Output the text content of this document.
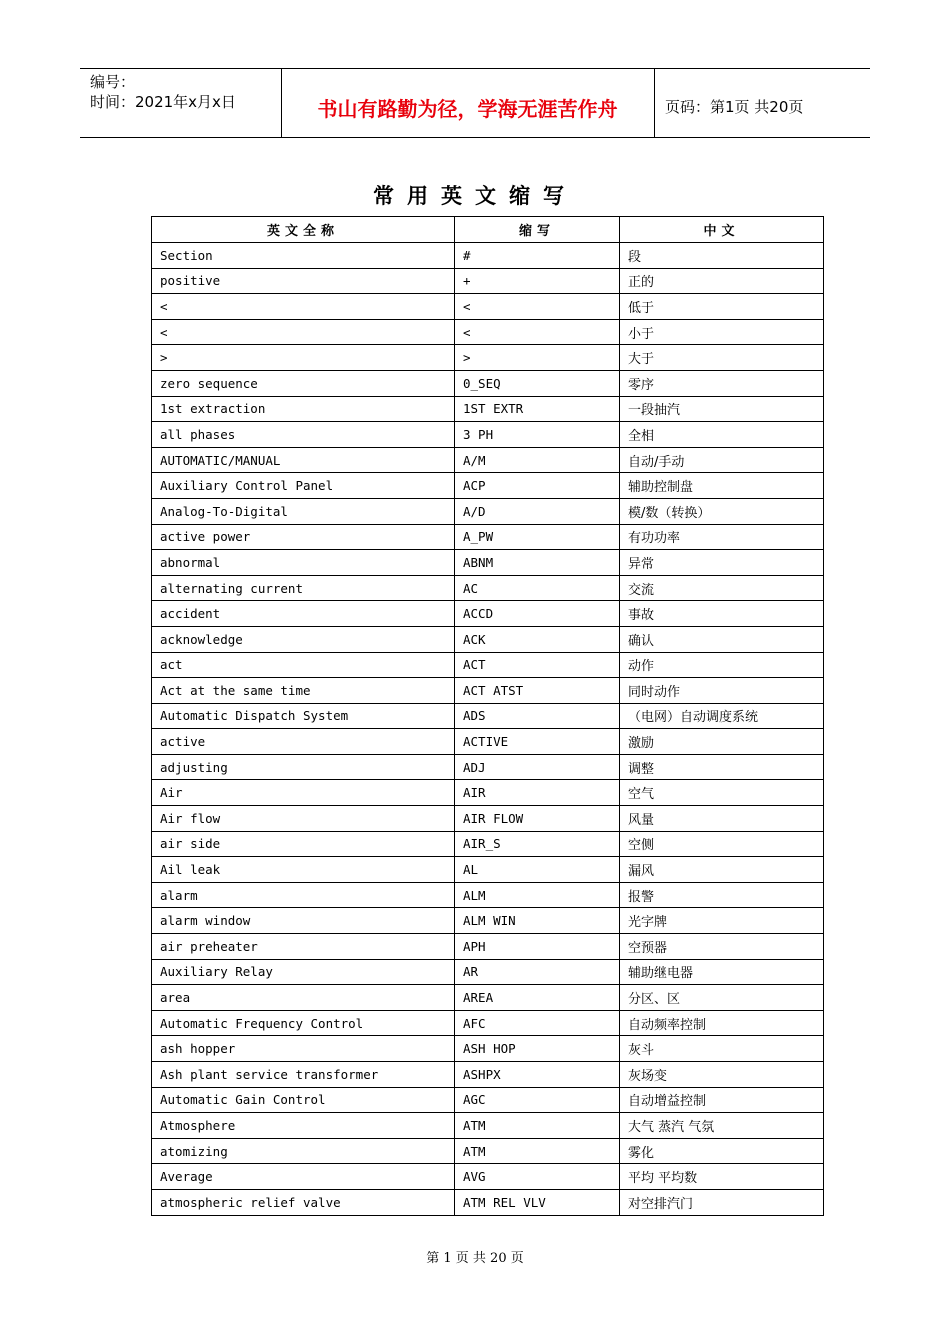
编号：
时间：2021年x月x日	书山有路勤为径，学海无涯苦作舟	页码：第1页 共20页
常用英文缩写
英文全称	缩写	中文
Section	#	段
positive	+	正的
<	<	低于
<	<	小于
>	>	大于
zero sequence	0_SEQ	零序
1st extraction	1ST EXTR	一段抽汽
all phases	3 PH	全相
AUTOMATIC/MANUAL	A/M	自动/手动
Auxiliary Control Panel	ACP	辅助控制盘
Analog-To-Digital	A/D	模/数（转换）
active power	A_PW	有功功率
abnormal	ABNM	异常
alternating current	AC	交流
accident	ACCD	事故
acknowledge	ACK	确认
act	ACT	动作
Act at the same time	ACT ATST	同时动作
Automatic Dispatch System	ADS	（电网）自动调度系统
active	ACTIVE	激励
adjusting	ADJ	调整
Air	AIR	空气
Air flow	AIR FLOW	风量
air side	AIR_S	空侧
Ail leak	AL	漏风
alarm	ALM	报警
alarm window	ALM WIN	光字牌
air preheater	APH	空预器
Auxiliary Relay	AR	辅助继电器
area	AREA	分区、区
Automatic Frequency Control	AFC	自动频率控制
ash hopper	ASH HOP	灰斗
Ash plant service transformer	ASHPX	灰场变
Automatic Gain Control	AGC	自动增益控制
Atmosphere	ATM	大气 蒸汽 气氛
atomizing	ATM	雾化
Average	AVG	平均 平均数
atmospheric relief valve	ATM REL VLV	对空排汽门
第 1 页 共 20 页
